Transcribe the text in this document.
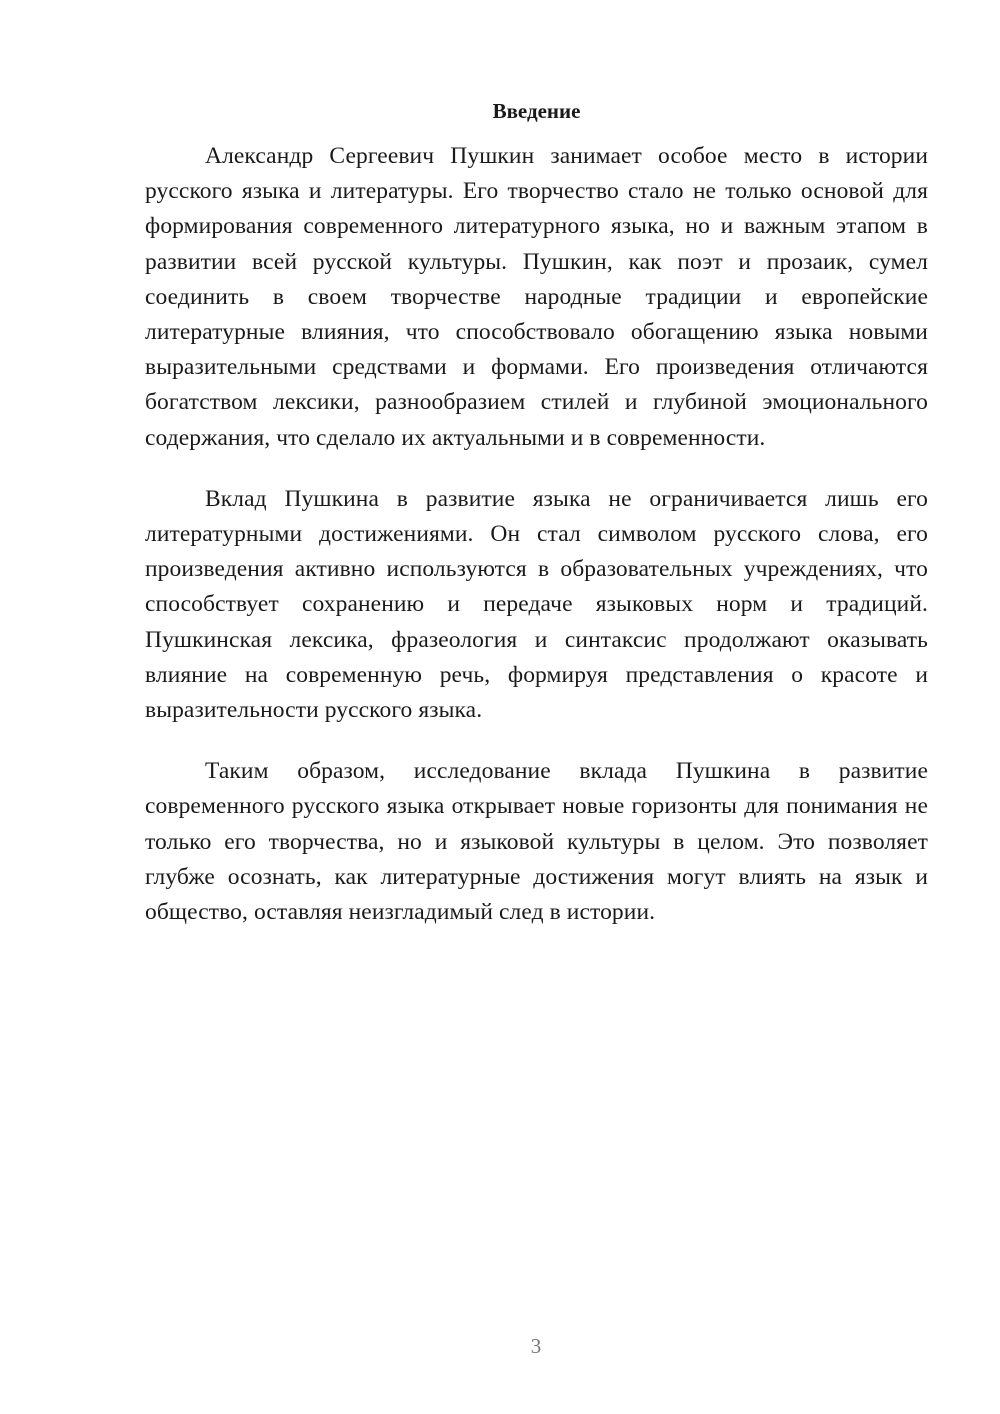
Введение

Александр Сергеевич Пушкин занимает особое место в истории русского языка и литературы. Его творчество стало не только основой для формирования современного литературного языка, но и важным этапом в развитии всей русской культуры. Пушкин, как поэт и прозаик, сумел соединить в своем творчестве народные традиции и европейские литературные влияния, что способствовало обогащению языка новыми выразительными средствами и формами. Его произведения отличаются богатством лексики, разнообразием стилей и глубиной эмоционального содержания, что сделало их актуальными и в современности.

Вклад Пушкина в развитие языка не ограничивается лишь его литературными достижениями. Он стал символом русского слова, его произведения активно используются в образовательных учреждениях, что способствует сохранению и передаче языковых норм и традиций. Пушкинская лексика, фразеология и синтаксис продолжают оказывать влияние на современную речь, формируя представления о красоте и выразительности русского языка.

Таким образом, исследование вклада Пушкина в развитие современного русского языка открывает новые горизонты для понимания не только его творчества, но и языковой культуры в целом. Это позволяет глубже осознать, как литературные достижения могут влиять на язык и общество, оставляя неизгладимый след в истории.

3
